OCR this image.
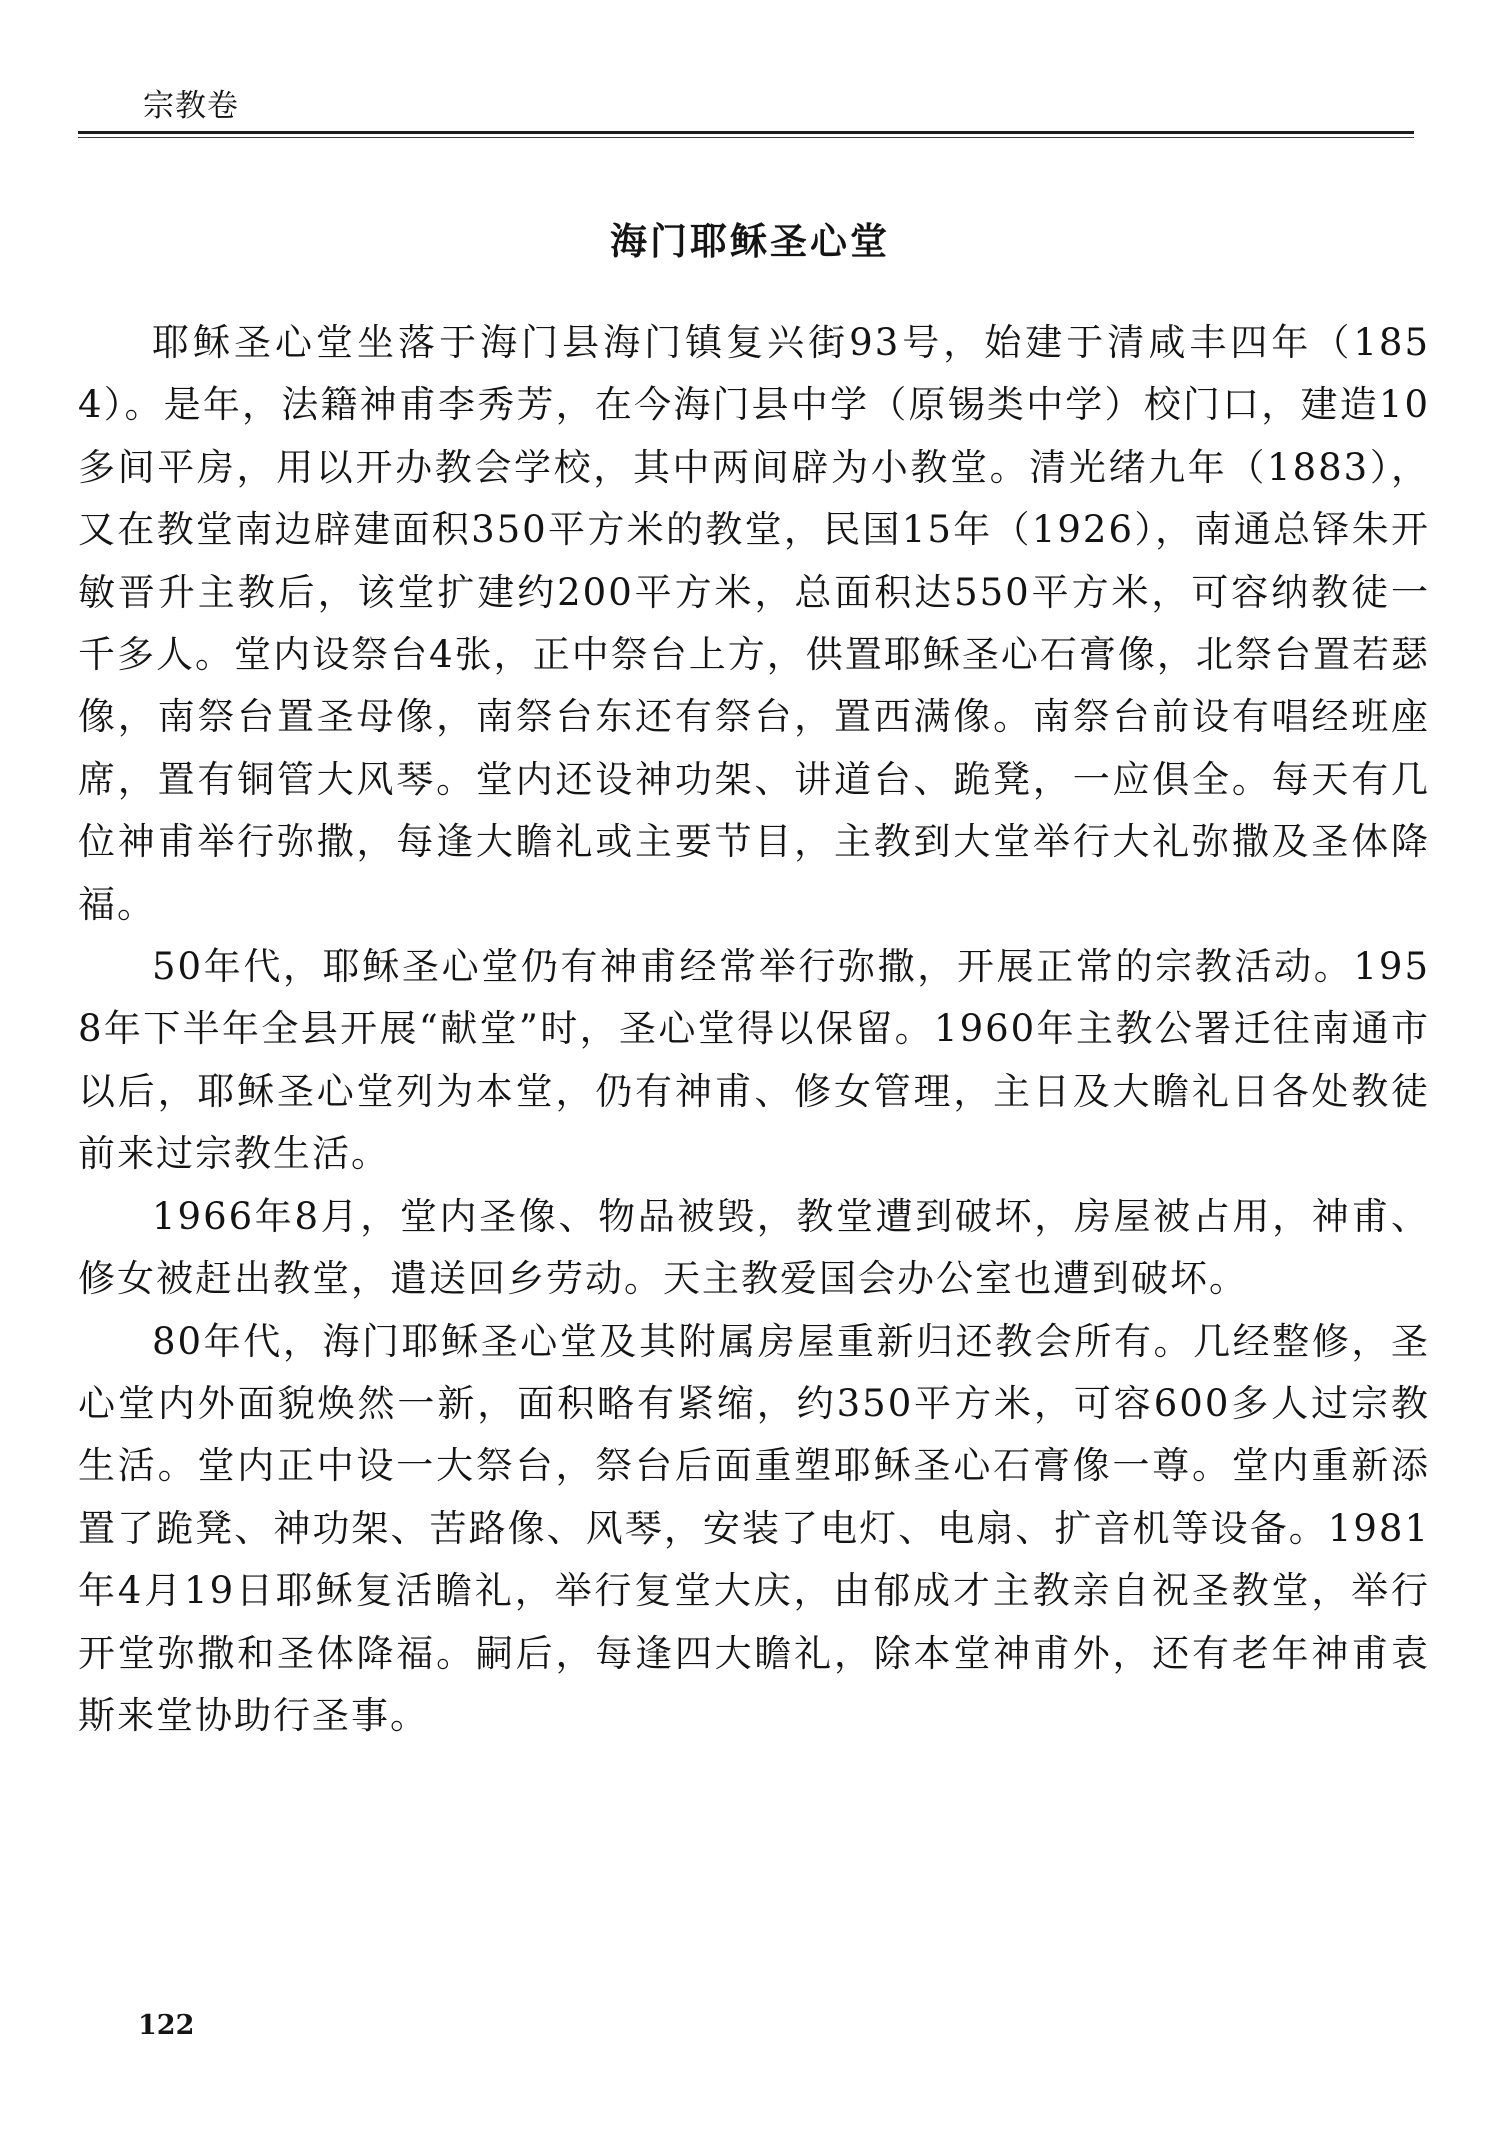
宗教卷
海门耶稣圣心堂

耶稣圣心堂坐落于海门县海门镇复兴街93号，始建于清咸丰四年（1854）。是年，法籍神甫李秀芳，在今海门县中学（原锡类中学）校门口，建造10多间平房，用以开办教会学校，其中两间辟为小教堂。清光绪九年（1883），又在教堂南边辟建面积350平方米的教堂，民国15年（1926），南通总铎朱开敏晋升主教后，该堂扩建约200平方米，总面积达550平方米，可容纳教徒一千多人。堂内设祭台4张，正中祭台上方，供置耶稣圣心石膏像，北祭台置若瑟像，南祭台置圣母像，南祭台东还有祭台，置西满像。南祭台前设有唱经班座席，置有铜管大风琴。堂内还设神功架、讲道台、跪凳，一应俱全。每天有几位神甫举行弥撒，每逢大瞻礼或主要节目，主教到大堂举行大礼弥撒及圣体降福。

50年代，耶稣圣心堂仍有神甫经常举行弥撒，开展正常的宗教活动。1958年下半年全县开展“献堂”时，圣心堂得以保留。1960年主教公署迁往南通市以后，耶稣圣心堂列为本堂，仍有神甫、修女管理，主日及大瞻礼日各处教徒前来过宗教生活。

1966年8月，堂内圣像、物品被毁，教堂遭到破坏，房屋被占用，神甫、修女被赶出教堂，遣送回乡劳动。天主教爱国会办公室也遭到破坏。

80年代，海门耶稣圣心堂及其附属房屋重新归还教会所有。几经整修，圣心堂内外面貌焕然一新，面积略有紧缩，约350平方米，可容600多人过宗教生活。堂内正中设一大祭台，祭台后面重塑耶稣圣心石膏像一尊。堂内重新添置了跪凳、神功架、苦路像、风琴，安装了电灯、电扇、扩音机等设备。1981年4月19日耶稣复活瞻礼，举行复堂大庆，由郁成才主教亲自祝圣教堂，举行开堂弥撒和圣体降福。嗣后，每逢四大瞻礼，除本堂神甫外，还有老年神甫袁斯来堂协助行圣事。

122
